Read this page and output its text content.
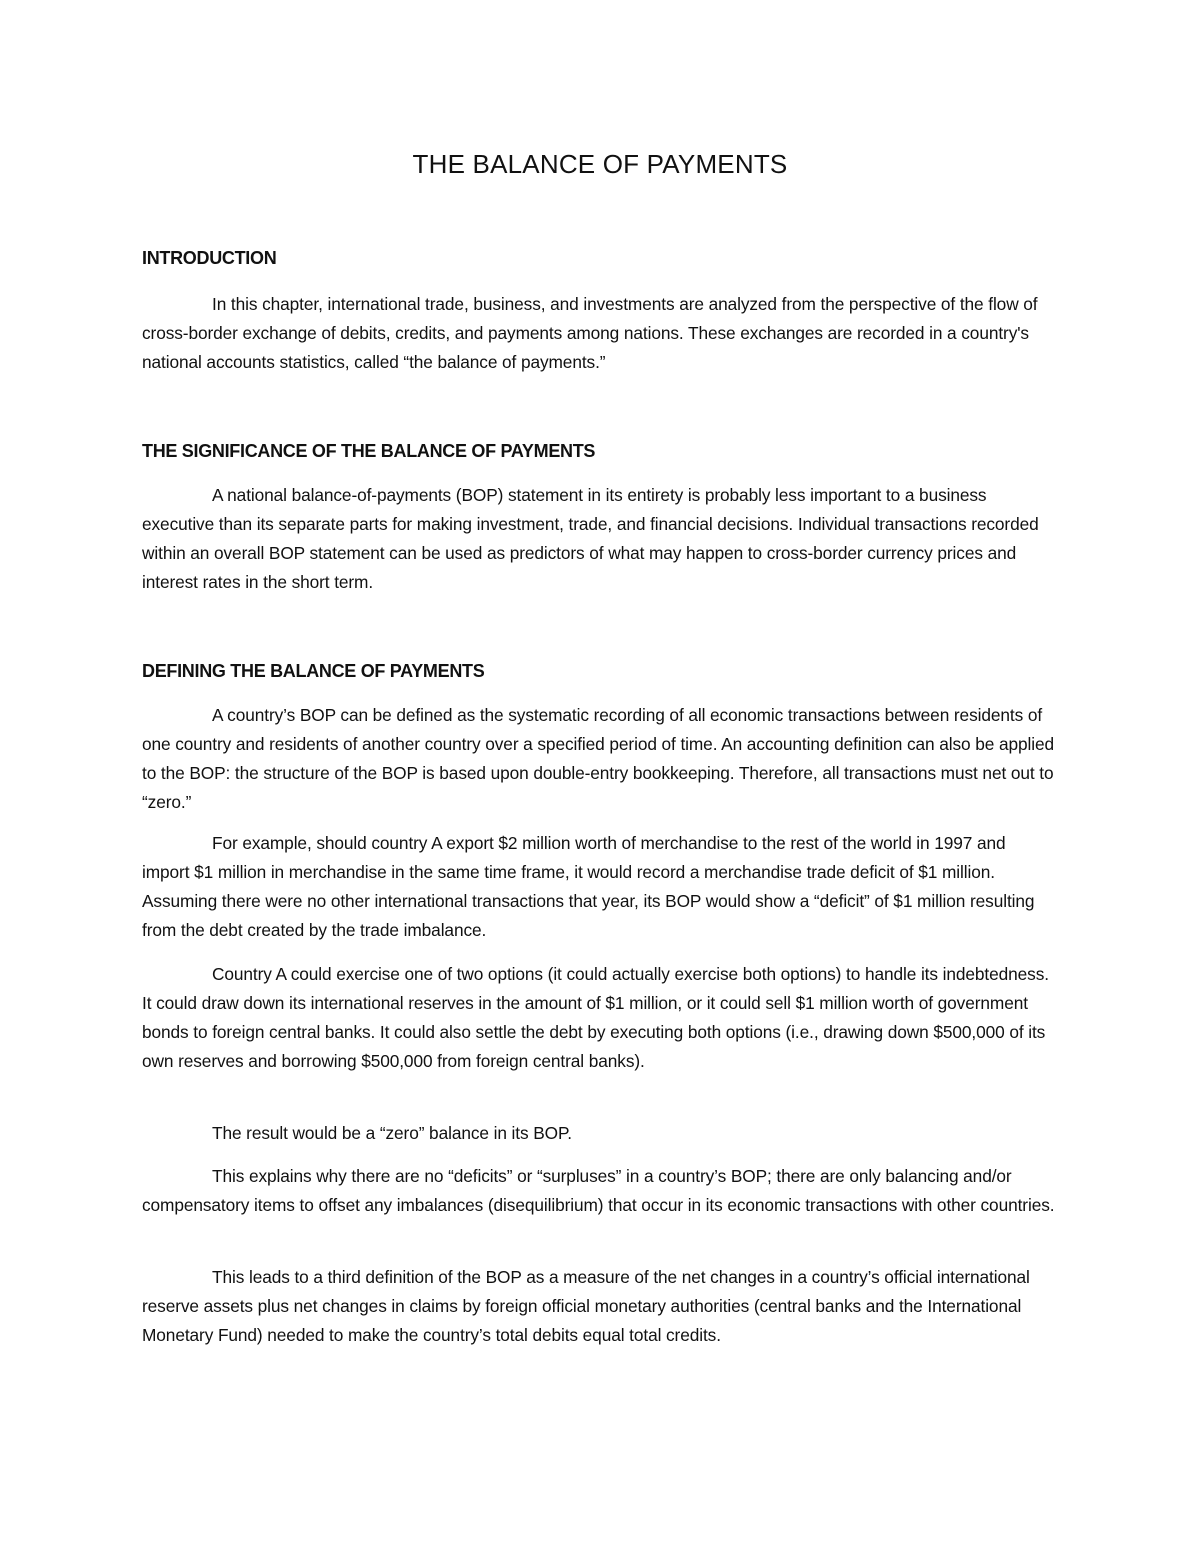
THE BALANCE OF PAYMENTS
INTRODUCTION

In this chapter, international trade, business, and investments are analyzed from the perspective of the flow of cross-border exchange of debits, credits, and payments among nations. These exchanges are recorded in a country's national accounts statistics, called “the balance of payments.”

THE SIGNIFICANCE OF THE BALANCE OF PAYMENTS

A national balance-of-payments (BOP) statement in its entirety is probably less important to a business executive than its separate parts for making investment, trade, and financial decisions. Individual transactions recorded within an overall BOP statement can be used as predictors of what may happen to cross-border currency prices and interest rates in the short term.

DEFINING THE BALANCE OF PAYMENTS

A country’s BOP can be defined as the systematic recording of all economic transactions between residents of one country and residents of another country over a specified period of time. An accounting definition can also be applied to the BOP: the structure of the BOP is based upon double-entry bookkeeping. Therefore, all transactions must net out to “zero.”

For example, should country A export $2 million worth of merchandise to the rest of the world in 1997 and import $1 million in merchandise in the same time frame, it would record a merchandise trade deficit of $1 million. Assuming there were no other international transactions that year, its BOP would show a “deficit” of $1 million resulting from the debt created by the trade imbalance.

Country A could exercise one of two options (it could actually exercise both options) to handle its indebtedness. It could draw down its international reserves in the amount of $1 million, or it could sell $1 million worth of government bonds to foreign central banks. It could also settle the debt by executing both options (i.e., drawing down $500,000 of its own reserves and borrowing $500,000 from foreign central banks).

The result would be a “zero” balance in its BOP.

This explains why there are no “deficits” or “surpluses” in a country’s BOP; there are only balancing and/or compensatory items to offset any imbalances (disequilibrium) that occur in its economic transactions with other countries.

This leads to a third definition of the BOP as a measure of the net changes in a country’s official international reserve assets plus net changes in claims by foreign official monetary authorities (central banks and the International Monetary Fund) needed to make the country’s total debits equal total credits.
